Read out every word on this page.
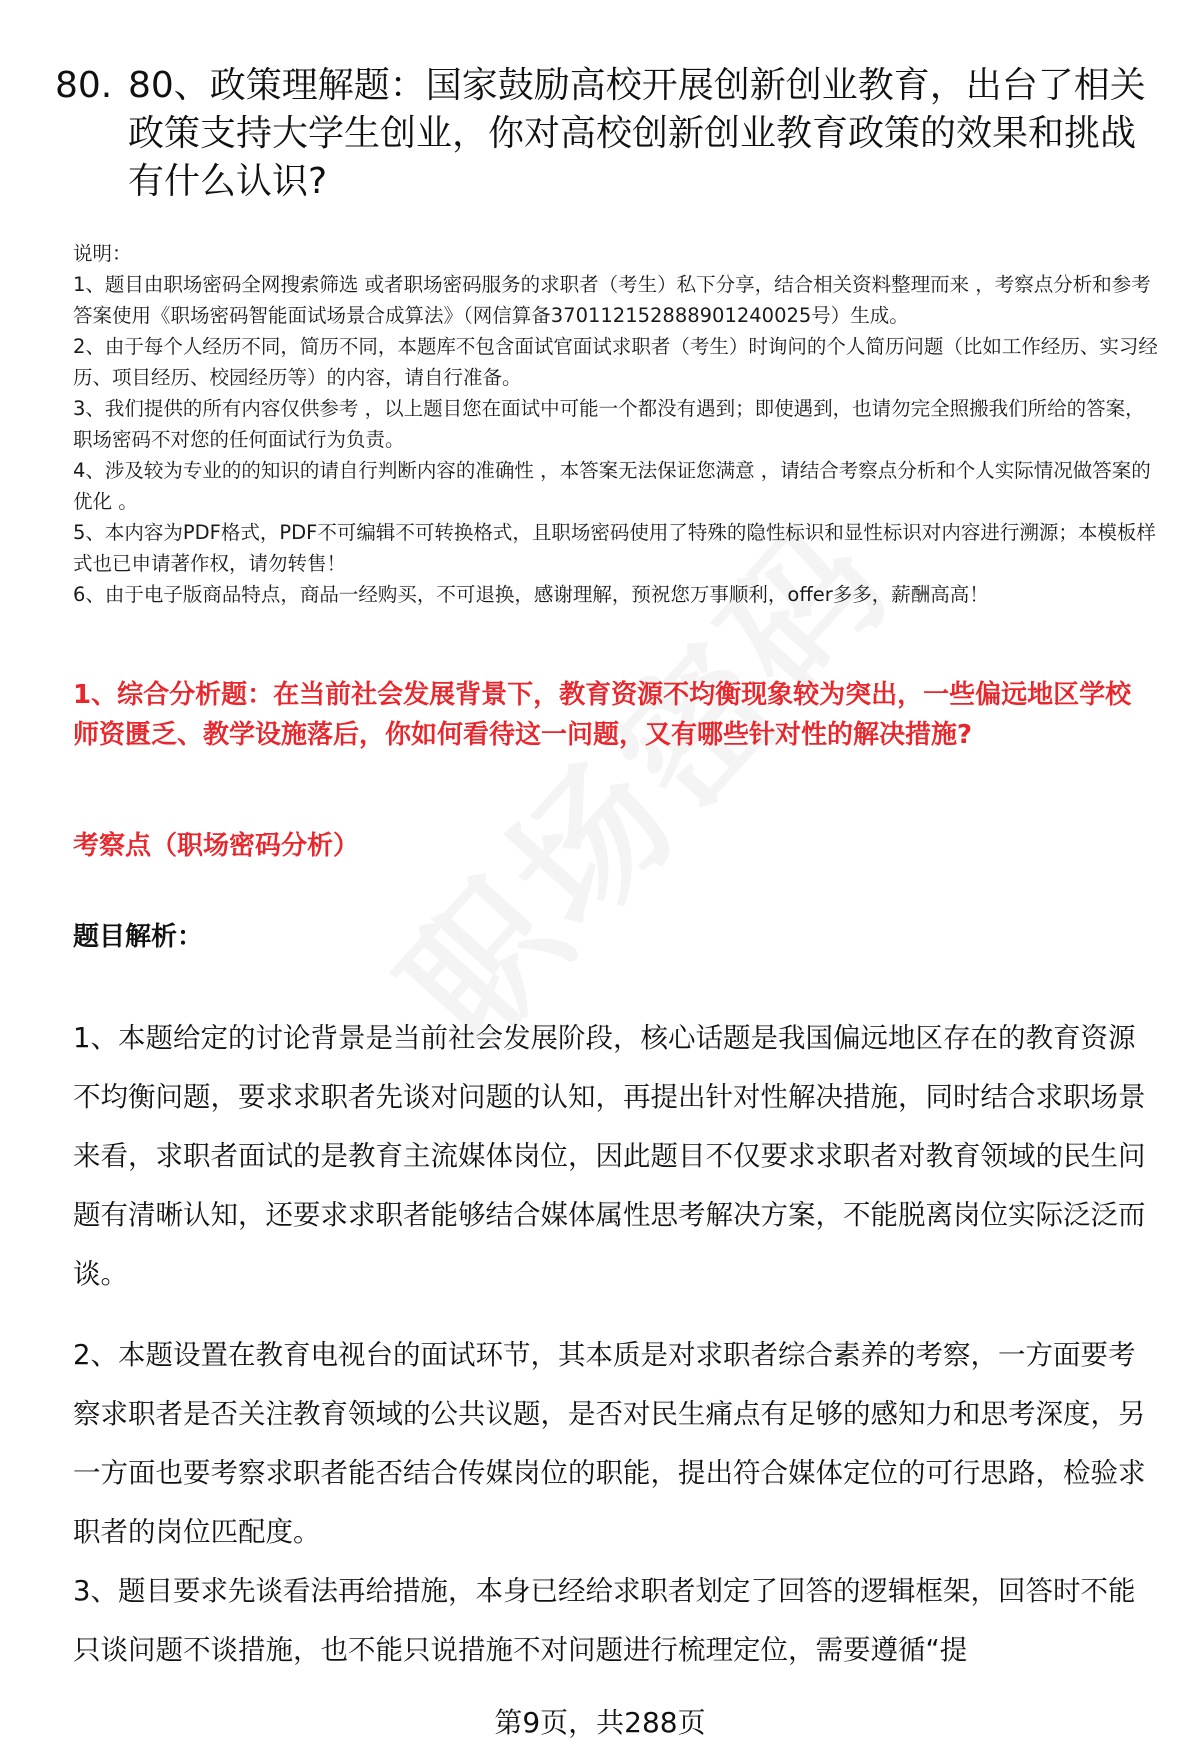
80. 80、政策理解题：国家鼓励高校开展创新创业教育，出台了相关政策支持大学生创业，你对高校创新创业教育政策的效果和挑战有什么认识?

说明：

1、题目由职场密码全网搜索筛选 或者职场密码服务的求职者（考生）私下分享，结合相关资料整理而来 ，考察点分析和参考答案使用《职场密码智能面试场景合成算法》（网信算备370112152888901240025号）生成。

2、由于每个人经历不同，简历不同，本题库不包含面试官面试求职者（考生）时询问的个人简历问题（比如工作经历、实习经历、项目经历、校园经历等）的内容，请自行准备。

3、我们提供的所有内容仅供参考 ，以上题目您在面试中可能一个都没有遇到；即使遇到，也请勿完全照搬我们所给的答案，职场密码不对您的任何面试行为负责。

4、涉及较为专业的的知识的请自行判断内容的准确性 ，本答案无法保证您满意 ，请结合考察点分析和个人实际情况做答案的优化 。

5、本内容为PDF格式，PDF不可编辑不可转换格式，且职场密码使用了特殊的隐性标识和显性标识对内容进行溯源；本模板样式也已申请著作权，请勿转售！

6、由于电子版商品特点，商品一经购买，不可退换，感谢理解，预祝您万事顺利，offer多多，薪酬高高！

1、综合分析题：在当前社会发展背景下，教育资源不均衡现象较为突出，一些偏远地区学校师资匮乏、教学设施落后，你如何看待这一问题，又有哪些针对性的解决措施?
考察点（职场密码分析）
题目解析：

1、本题给定的讨论背景是当前社会发展阶段，核心话题是我国偏远地区存在的教育资源不均衡问题，要求求职者先谈对问题的认知，再提出针对性解决措施，同时结合求职场景来看，求职者面试的是教育主流媒体岗位，因此题目不仅要求求职者对教育领域的民生问题有清晰认知，还要求求职者能够结合媒体属性思考解决方案，不能脱离岗位实际泛泛而谈。

2、本题设置在教育电视台的面试环节，其本质是对求职者综合素养的考察，一方面要考察求职者是否关注教育领域的公共议题，是否对民生痛点有足够的感知力和思考深度，另一方面也要考察求职者能否结合传媒岗位的职能，提出符合媒体定位的可行思路，检验求职者的岗位匹配度。

3、题目要求先谈看法再给措施，本身已经给求职者划定了回答的逻辑框架，回答时不能只谈问题不谈措施，也不能只说措施不对问题进行梳理定位，需要遵循“提

第9页，共288页
